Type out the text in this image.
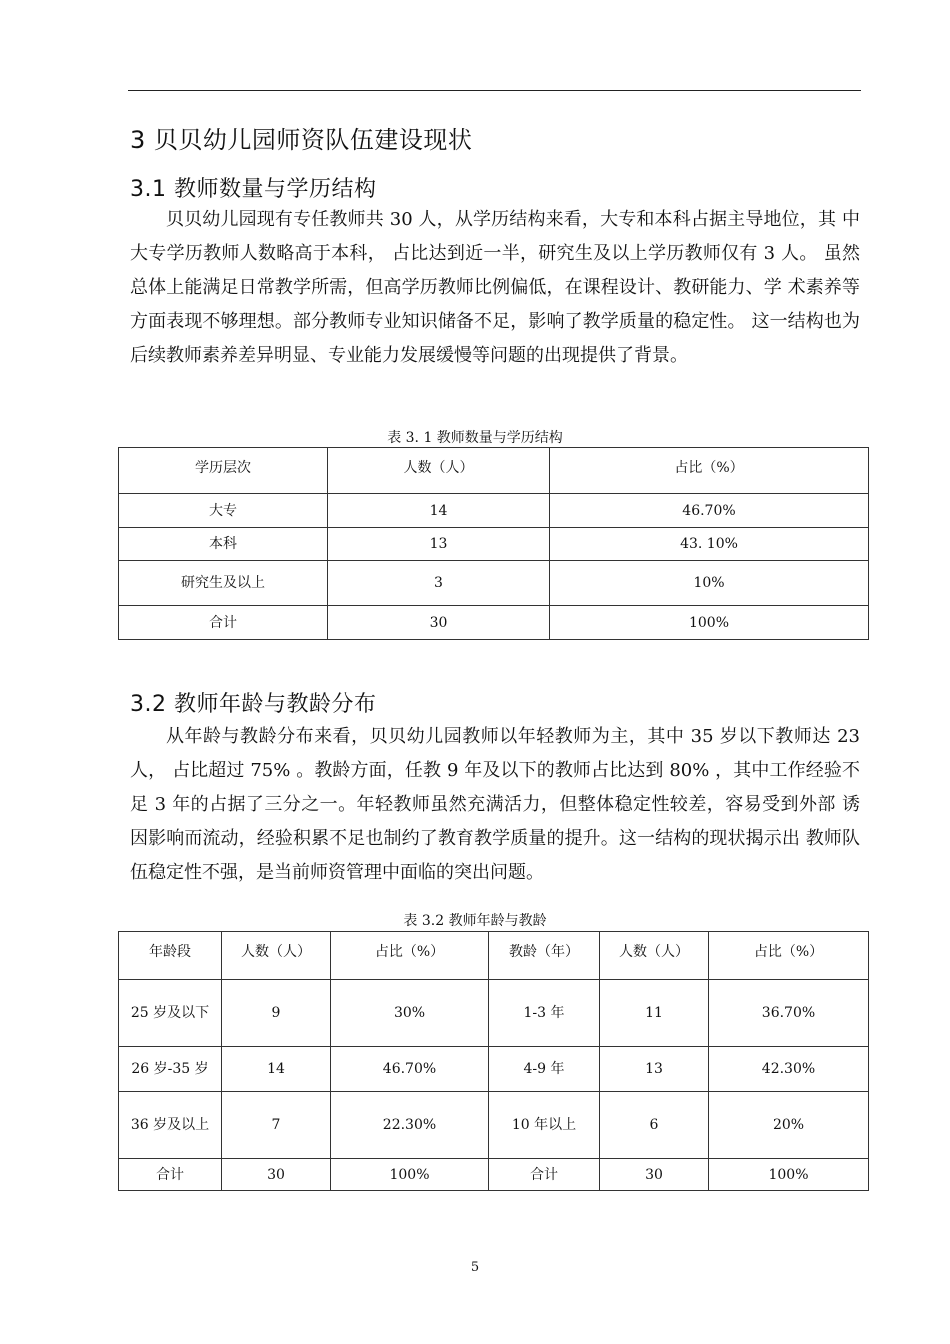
3 贝贝幼儿园师资队伍建设现状
3.1 教师数量与学历结构

贝贝幼儿园现有专任教师共 30 人，从学历结构来看，大专和本科占据主导地位，其 中大专学历教师人数略高于本科， 占比达到近一半，研究生及以上学历教师仅有 3 人。 虽然总体上能满足日常教学所需，但高学历教师比例偏低，在课程设计、教研能力、学 术素养等方面表现不够理想。部分教师专业知识储备不足，影响了教学质量的稳定性。 这一结构也为后续教师素养差异明显、专业能力发展缓慢等问题的出现提供了背景。

表 3. 1 教师数量与学历结构
学历层次	人数（人）	占比（%）
大专	14	46.70%
本科	13	43. 10%
研究生及以上	3	10%
合计	30	100%
3.2 教师年龄与教龄分布

从年龄与教龄分布来看，贝贝幼儿园教师以年轻教师为主，其中 35 岁以下教师达 23 人， 占比超过 75% 。教龄方面，任教 9 年及以下的教师占比达到 80% ，其中工作经验不 足 3 年的占据了三分之一。年轻教师虽然充满活力，但整体稳定性较差，容易受到外部 诱因影响而流动，经验积累不足也制约了教育教学质量的提升。这一结构的现状揭示出 教师队伍稳定性不强，是当前师资管理中面临的突出问题。

表 3.2 教师年龄与教龄
年龄段	人数（人）	占比（%）	教龄（年）	人数（人）	占比（%）
25 岁及以下	9	30%	1-3 年	11	36.70%
26 岁-35 岁	14	46.70%	4-9 年	13	42.30%
36 岁及以上	7	22.30%	10 年以上	6	20%
合计	30	100%	合计	30	100%
5
